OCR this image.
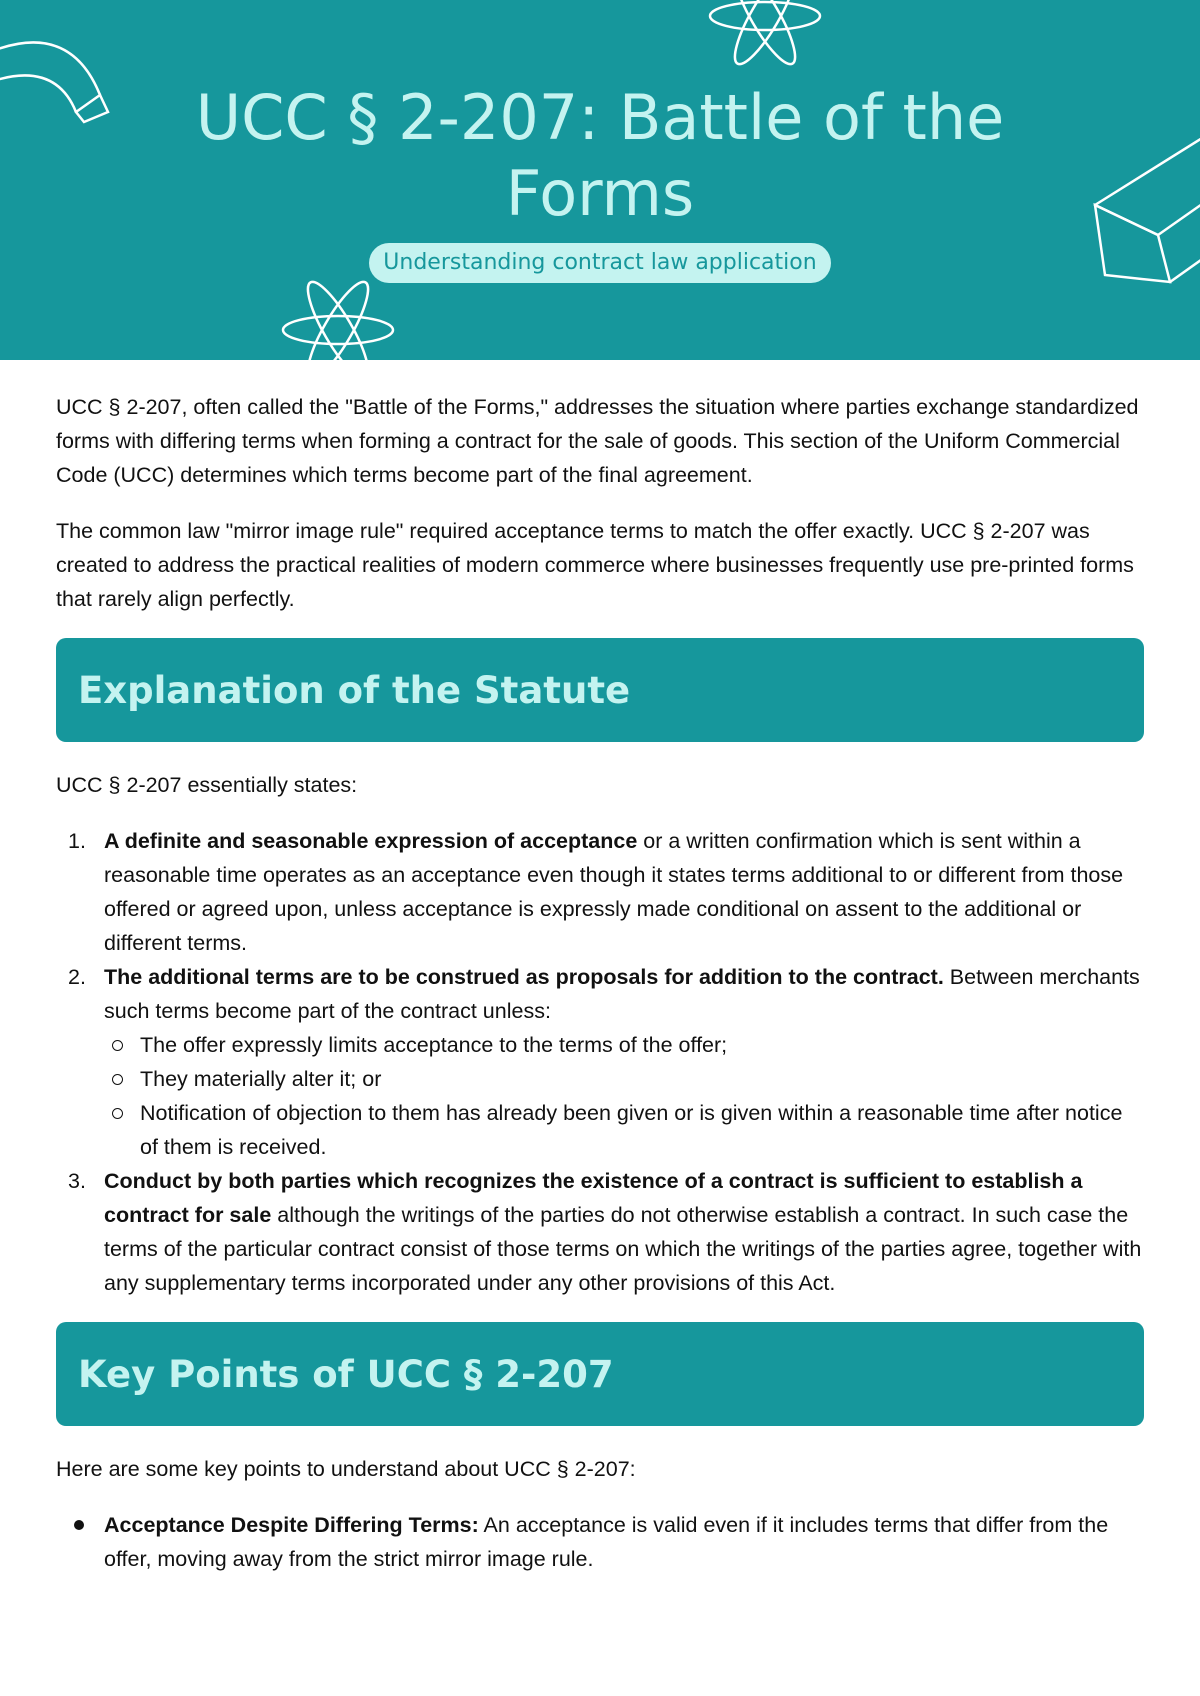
UCC § 2-207: Battle of the Forms
Understanding contract law application

UCC § 2-207, often called the "Battle of the Forms," addresses the situation where parties exchange standardized forms with differing terms when forming a contract for the sale of goods. This section of the Uniform Commercial Code (UCC) determines which terms become part of the final agreement.

The common law "mirror image rule" required acceptance terms to match the offer exactly. UCC § 2-207 was created to address the practical realities of modern commerce where businesses frequently use pre-printed forms that rarely align perfectly.

Explanation of the Statute

UCC § 2-207 essentially states:

1. A definite and seasonable expression of acceptance or a written confirmation which is sent within a reasonable time operates as an acceptance even though it states terms additional to or different from those offered or agreed upon, unless acceptance is expressly made conditional on assent to the additional or different terms.
2. The additional terms are to be construed as proposals for addition to the contract. Between merchants such terms become part of the contract unless:
The offer expressly limits acceptance to the terms of the offer;
They materially alter it; or
Notification of objection to them has already been given or is given within a reasonable time after notice of them is received.
3. Conduct by both parties which recognizes the existence of a contract is sufficient to establish a contract for sale although the writings of the parties do not otherwise establish a contract. In such case the terms of the particular contract consist of those terms on which the writings of the parties agree, together with any supplementary terms incorporated under any other provisions of this Act.
Key Points of UCC § 2-207

Here are some key points to understand about UCC § 2-207:

Acceptance Despite Differing Terms: An acceptance is valid even if it includes terms that differ from the offer, moving away from the strict mirror image rule.
